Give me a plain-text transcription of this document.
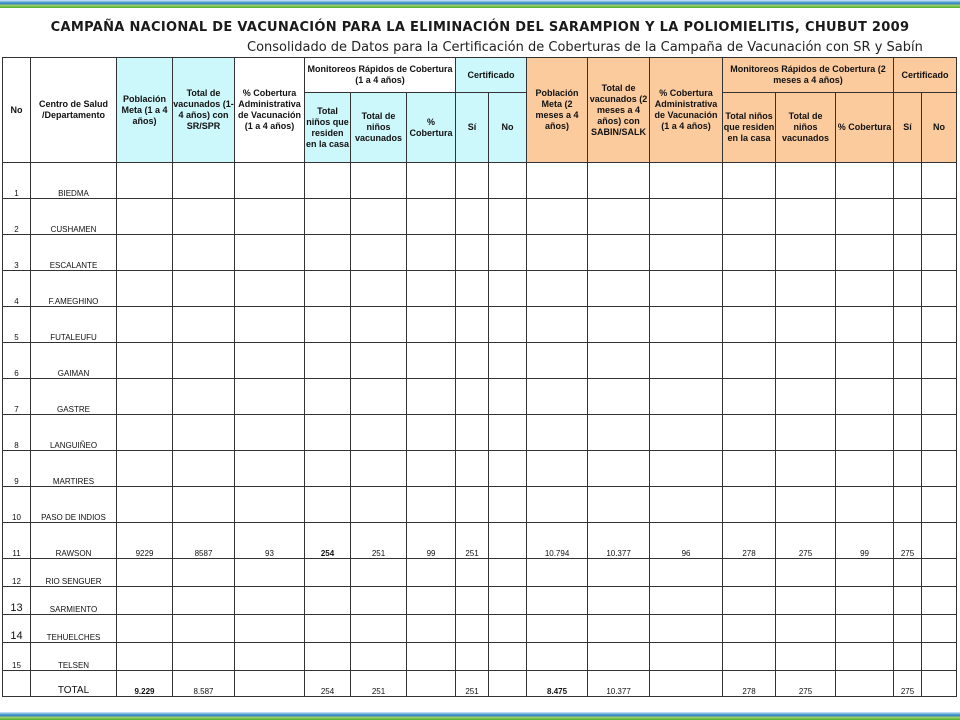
CAMPAÑA NACIONAL DE VACUNACIÓN PARA LA ELIMINACIÓN DEL SARAMPION Y LA POLIOMIELITIS, CHUBUT 2009
Consolidado de Datos para la Certificación de Coberturas de la Campaña de Vacunación con SR y Sabín
No	Centro de Salud /Departamento	Población Meta (1 a 4 años)	Total de vacunados (1-4 años) con SR/SPR	% Cobertura Administrativa de Vacunación (1 a 4 años)	Monitoreos Rápidos de Cobertura (1 a 4 años)			Certificado		Población Meta (2 meses a 4 años)	Total de vacunados (2 meses a 4 años) con SABIN/SALK	% Cobertura Administrativa de Vacunación (1 a 4 años)	Monitoreos Rápidos de Cobertura (2 meses a 4 años)			Certificado	
					Total niños que residen en la casa	Total de niños vacunados	% Cobertura	Sí	No				Total niños que residen en la casa	Total de niños vacunados	% Cobertura	Sí	No
1	BIEDMA																
2	CUSHAMEN																
3	ESCALANTE																
4	F.AMEGHINO																
5	FUTALEUFU																
6	GAIMAN																
7	GASTRE																
8	LANGUIÑEO																
9	MARTIRES																
10	PASO DE INDIOS																
11	RAWSON	9229	8587	93	254	251	99	251		10.794	10.377	96	278	275	99	275	
12	RIO SENGUER																
13	SARMIENTO																
14	TEHUELCHES																
15	TELSEN																
	TOTAL	9.229	8.587		254	251		251		8.475	10.377		278	275		275	
